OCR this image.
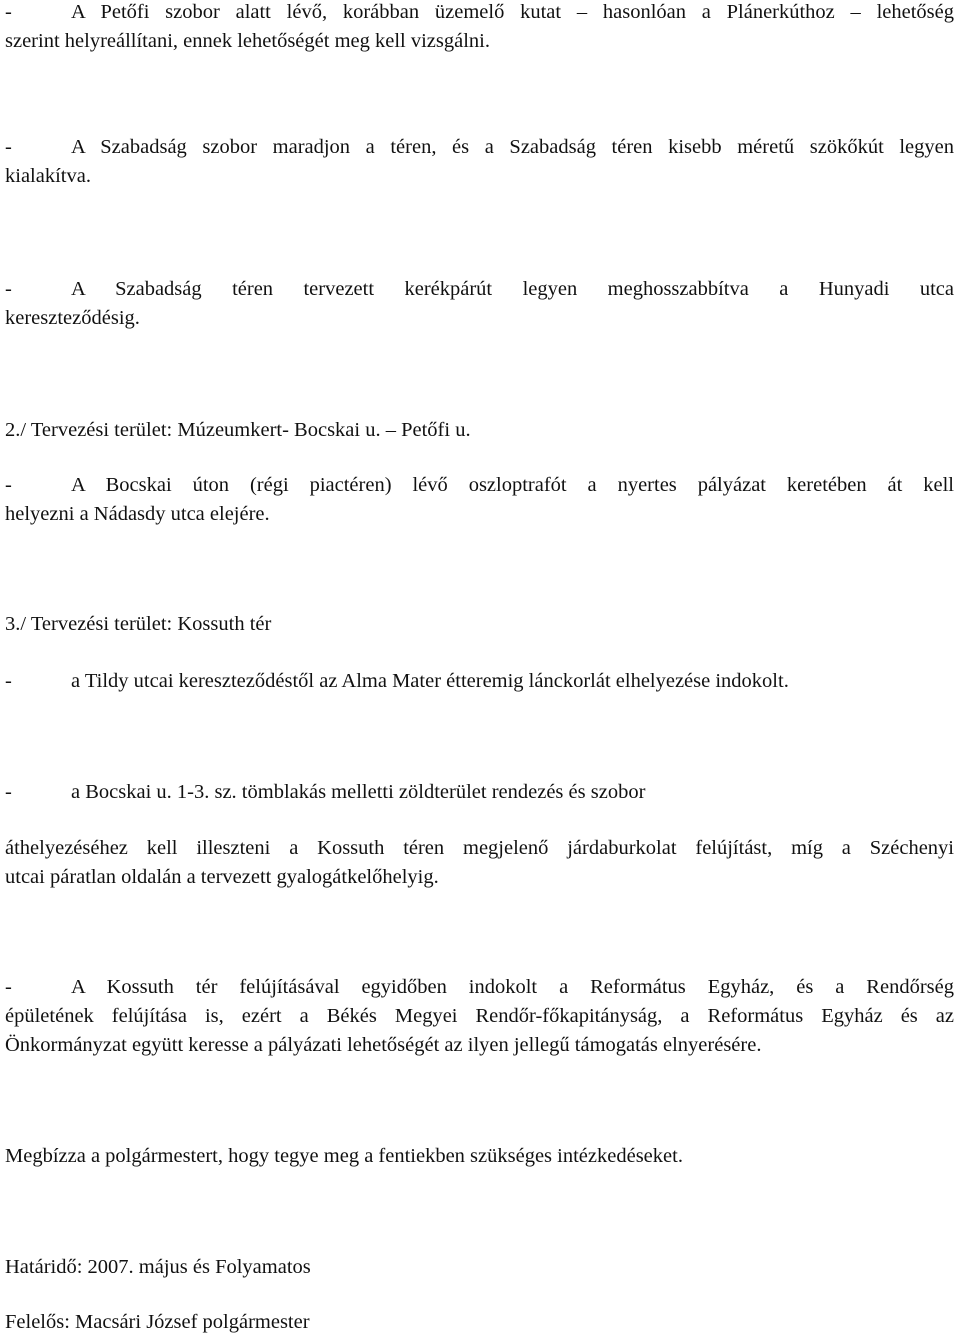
-	A Petőfi szobor alatt lévő, korábban üzemelő kutat – hasonlóan a Plánerkúthoz – lehetőség
szerint helyreállítani, ennek lehetőségét meg kell vizsgálni.
-	A Szabadság szobor maradjon a téren, és a Szabadság téren kisebb méretű szökőkút legyen
kialakítva.
-	A Szabadság téren tervezett kerékpárút legyen meghosszabbítva a Hunyadi utca
kereszteződésig.
2./ Tervezési terület: Múzeumkert- Bocskai u. – Petőfi u.
-	A Bocskai úton (régi piactéren) lévő oszloptrafót a nyertes pályázat keretében át kell
helyezni a Nádasdy utca elejére.
3./ Tervezési terület: Kossuth tér
-	a Tildy utcai kereszteződéstől az Alma Mater étteremig lánckorlát elhelyezése indokolt.
-	a Bocskai u. 1-3. sz. tömblakás melletti zöldterület rendezés és szobor
áthelyezéséhez kell illeszteni a Kossuth téren megjelenő járdaburkolat felújítást, míg a Széchenyi
utcai páratlan oldalán a tervezett gyalogátkelőhelyig.
-	A Kossuth tér felújításával egyidőben indokolt a Református Egyház, és a Rendőrség
épületének felújítása is, ezért a Békés Megyei Rendőr-főkapitányság, a Református Egyház és az
Önkormányzat együtt keresse a pályázati lehetőségét az ilyen jellegű támogatás elnyerésére.
Megbízza a polgármestert, hogy tegye meg a fentiekben szükséges intézkedéseket.
Határidő: 2007. május és Folyamatos
Felelős: Macsári József polgármester
